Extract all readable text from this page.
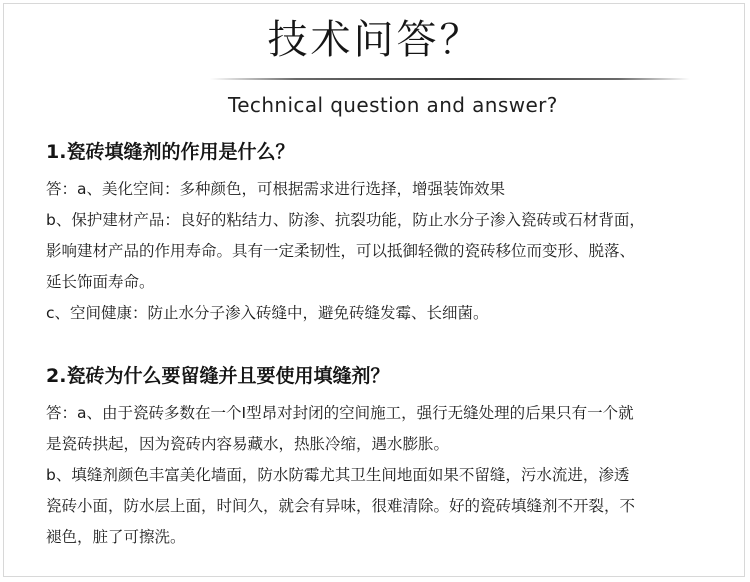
技术问答？
Technical question and answer?
1.瓷砖填缝剂的作用是什么？

答：a、美化空间：多种颜色，可根据需求进行选择，增强装饰效果

b、保护建材产品：良好的粘结力、防渗、抗裂功能，防止水分子渗入瓷砖或石材背面，

影响建材产品的作用寿命。具有一定柔韧性，可以抵御轻微的瓷砖移位而变形、脱落、

延长饰面寿命。

c、空间健康：防止水分子渗入砖缝中，避免砖缝发霉、长细菌。

2.瓷砖为什么要留缝并且要使用填缝剂？

答：a、由于瓷砖多数在一个I型昂对封闭的空间施工，强行无缝处理的后果只有一个就

是瓷砖拱起，因为瓷砖内容易藏水，热胀冷缩，遇水膨胀。

b、填缝剂颜色丰富美化墙面，防水防霉尤其卫生间地面如果不留缝，污水流进，渗透

瓷砖小面，防水层上面，时间久，就会有异味，很难清除。好的瓷砖填缝剂不开裂，不

褪色，脏了可擦洗。
